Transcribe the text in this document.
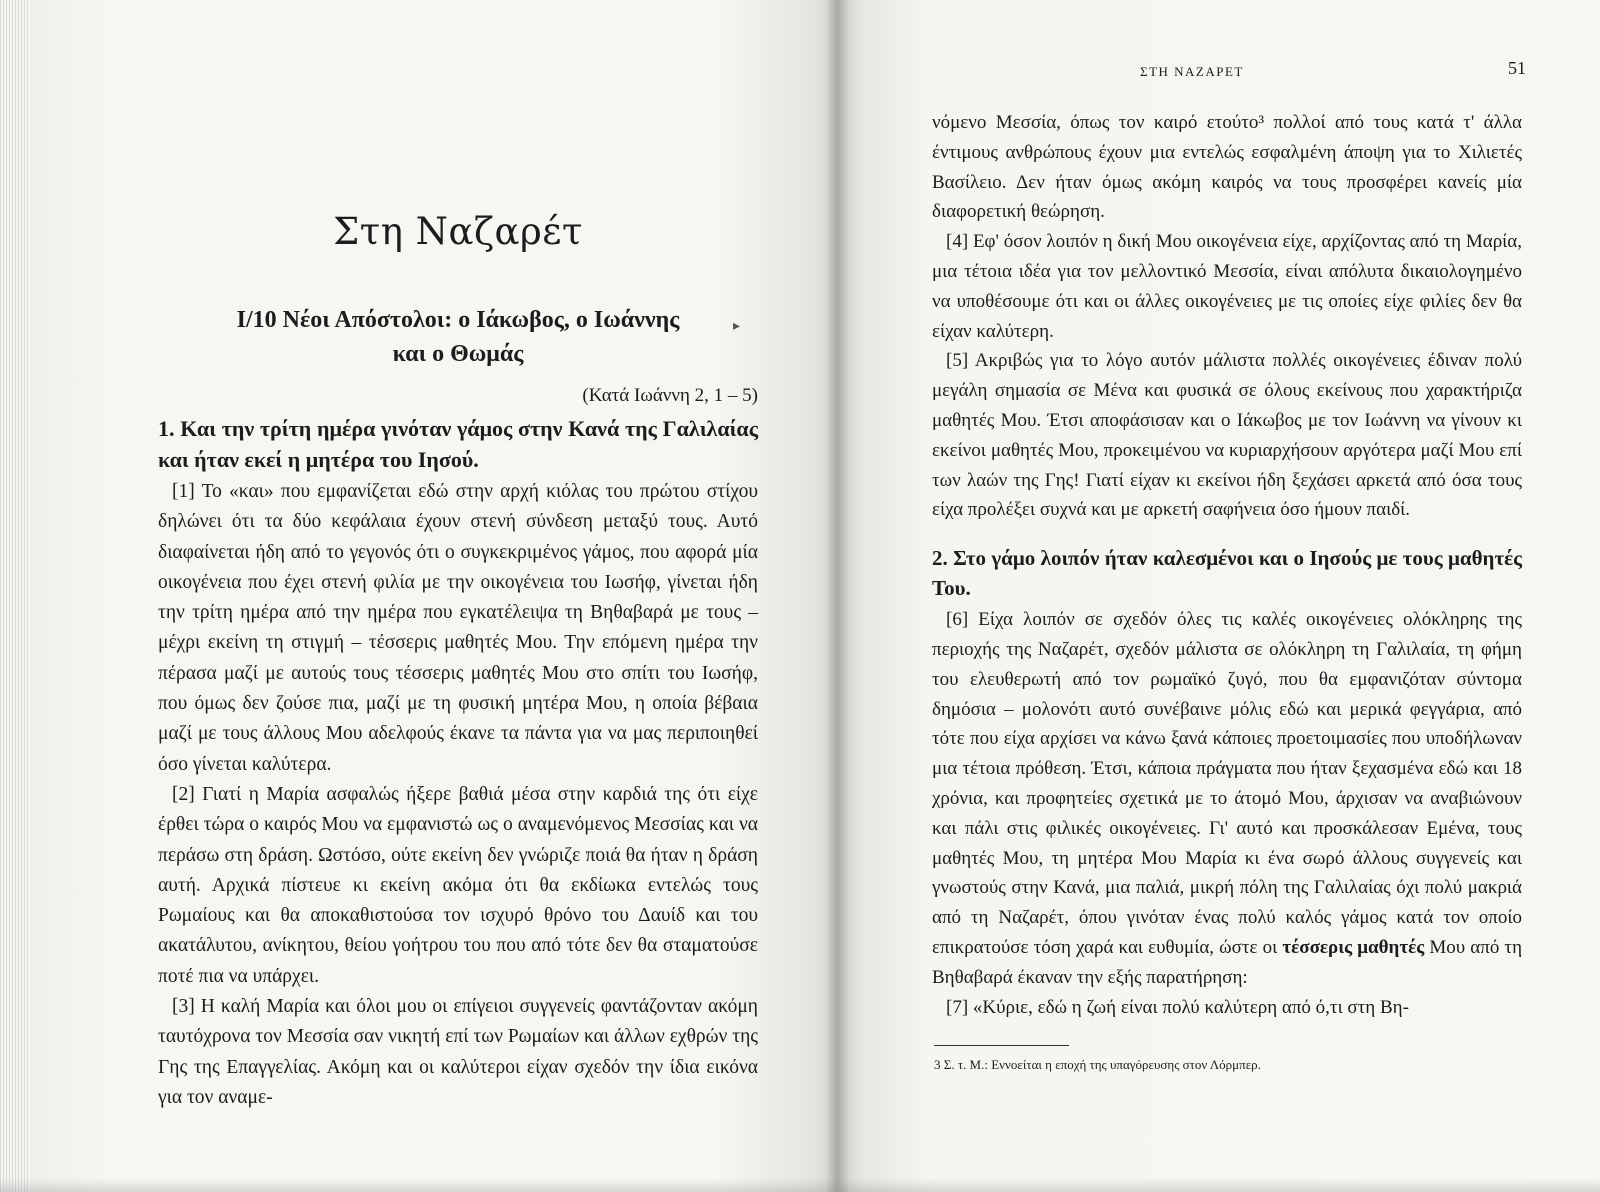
Στη Ναζαρέτ
I/10 Νέοι Απόστολοι: ο Ιάκωβος, ο Ιωάννης
και ο Θωμάς
(Κατά Ιωάννη 2, 1 – 5)

1. Και την τρίτη ημέρα γινόταν γάμος στην Κανά της Γαλιλαίας και ήταν εκεί η μητέρα του Ιησού.

[1] Το «και» που εμφανίζεται εδώ στην αρχή κιόλας του πρώτου στίχου δηλώνει ότι τα δύο κεφάλαια έχουν στενή σύνδεση μεταξύ τους. Αυτό διαφαίνεται ήδη από το γεγονός ότι ο συγκεκριμένος γάμος, που αφορά μία οικογένεια που έχει στενή φιλία με την οικογένεια του Ιωσήφ, γίνεται ήδη την τρίτη ημέρα από την ημέρα που εγκατέλειψα τη Βηθαβαρά με τους –μέχρι εκείνη τη στιγμή – τέσσερις μαθητές Μου. Την επόμενη ημέρα την πέρασα μαζί με αυτούς τους τέσσερις μαθητές Μου στο σπίτι του Ιωσήφ, που όμως δεν ζούσε πια, μαζί με τη φυσική μητέρα Μου, η οποία βέβαια μαζί με τους άλλους Μου αδελφούς έκανε τα πάντα για να μας περιποιηθεί όσο γίνεται καλύτερα.

[2] Γιατί η Μαρία ασφαλώς ήξερε βαθιά μέσα στην καρδιά της ότι είχε έρθει τώρα ο καιρός Μου να εμφανιστώ ως ο αναμενόμενος Μεσσίας και να περάσω στη δράση. Ωστόσο, ούτε εκείνη δεν γνώριζε ποιά θα ήταν η δράση αυτή. Αρχικά πίστευε κι εκείνη ακόμα ότι θα εκδίωκα εντελώς τους Ρωμαίους και θα αποκαθιστούσα τον ισχυρό θρόνο του Δαυίδ και του ακατάλυτου, ανίκητου, θείου γοήτρου του που από τότε δεν θα σταματούσε ποτέ πια να υπάρχει.

[3] Η καλή Μαρία και όλοι μου οι επίγειοι συγγενείς φαντάζονταν ακόμη ταυτόχρονα τον Μεσσία σαν νικητή επί των Ρωμαίων και άλλων εχθρών της Γης της Επαγγελίας. Ακόμη και οι καλύτεροι είχαν σχεδόν την ίδια εικόνα για τον αναμε-

▸
ΣΤΗ ΝΑΖΑΡΕΤ	51

νόμενο Μεσσία, όπως τον καιρό ετούτο³ πολλοί από τους κατά τ' άλλα έντιμους ανθρώπους έχουν μια εντελώς εσφαλμένη άποψη για το Χιλιετές Βασίλειο. Δεν ήταν όμως ακόμη καιρός να τους προσφέρει κανείς μία διαφορετική θεώρηση.

[4] Εφ' όσον λοιπόν η δική Μου οικογένεια είχε, αρχίζοντας από τη Μαρία, μια τέτοια ιδέα για τον μελλοντικό Μεσσία, είναι απόλυτα δικαιολογημένο να υποθέσουμε ότι και οι άλλες οικογένειες με τις οποίες είχε φιλίες δεν θα είχαν καλύτερη.

[5] Ακριβώς για το λόγο αυτόν μάλιστα πολλές οικογένειες έδιναν πολύ μεγάλη σημασία σε Μένα και φυσικά σε όλους εκείνους που χαρακτήριζα μαθητές Μου. Έτσι αποφάσισαν και ο Ιάκωβος με τον Ιωάννη να γίνουν κι εκείνοι μαθητές Μου, προκειμένου να κυριαρχήσουν αργότερα μαζί Μου επί των λαών της Γης! Γιατί είχαν κι εκείνοι ήδη ξεχάσει αρκετά από όσα τους είχα προλέξει συχνά και με αρκετή σαφήνεια όσο ήμουν παιδί.

2. Στο γάμο λοιπόν ήταν καλεσμένοι και ο Ιησούς με τους μαθητές Του.

[6] Είχα λοιπόν σε σχεδόν όλες τις καλές οικογένειες ολόκληρης της περιοχής της Ναζαρέτ, σχεδόν μάλιστα σε ολόκληρη τη Γαλιλαία, τη φήμη του ελευθερωτή από τον ρωμαϊκό ζυγό, που θα εμφανιζόταν σύντομα δημόσια – μολονότι αυτό συνέβαινε μόλις εδώ και μερικά φεγγάρια, από τότε που είχα αρχίσει να κάνω ξανά κάποιες προετοιμασίες που υποδήλωναν μια τέτοια πρόθεση. Έτσι, κάποια πράγματα που ήταν ξεχασμένα εδώ και 18 χρόνια, και προφητείες σχετικά με το άτομό Μου, άρχισαν να αναβιώνουν και πάλι στις φιλικές οικογένειες. Γι' αυτό και προσκάλεσαν Εμένα, τους μαθητές Μου, τη μητέρα Μου Μαρία κι ένα σωρό άλλους συγγενείς και γνωστούς στην Κανά, μια παλιά, μικρή πόλη της Γαλιλαίας όχι πολύ μακριά από τη Ναζαρέτ, όπου γινόταν ένας πολύ καλός γάμος κατά τον οποίο επικρατούσε τόση χαρά και ευθυμία, ώστε οι τέσσερις μαθητές Μου από τη Βηθαβαρά έκαναν την εξής παρατήρηση:

[7] «Κύριε, εδώ η ζωή είναι πολύ καλύτερη από ό,τι στη Βη-

3 Σ. τ. Μ.: Εννοείται η εποχή της υπαγόρευσης στον Λόρμπερ.
